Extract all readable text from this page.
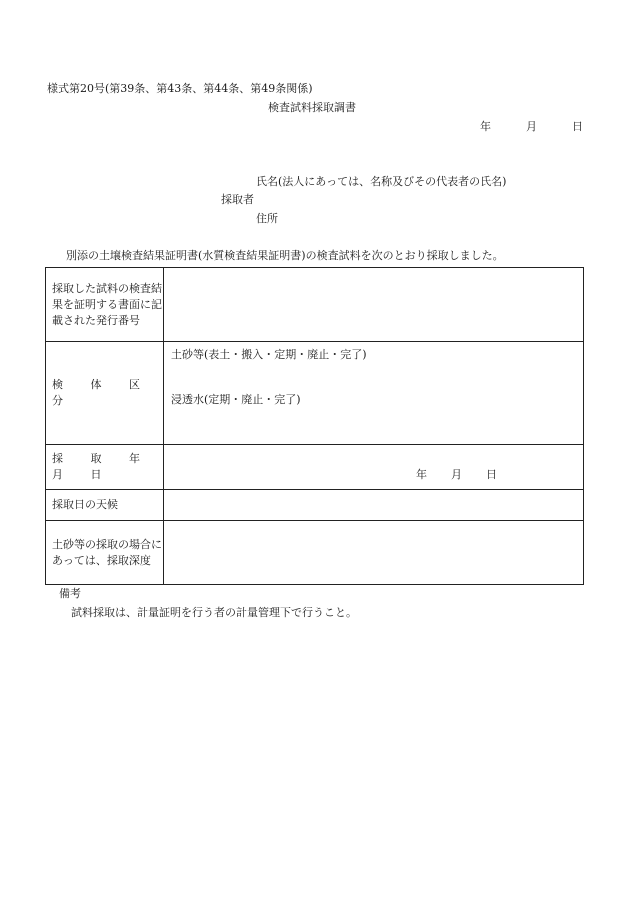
様式第20号(第39条、第43条、第44条、第49条関係)
検査試料採取調書
年	月	日
氏名(法人にあっては、名称及びその代表者の氏名)
採取者
住所
別添の土壌検査結果証明書(水質検査結果証明書)の検査試料を次のとおり採取しました。
採取した試料の検査結果を証明する書面に記載された発行番号	
検 体 区 分	土砂等(表土・搬入・定期・廃止・完了)
浸透水(定期・廃止・完了)

採 取 年 月 日	年 月 日

採取日の天候	
土砂等の採取の場合にあっては、採取深度	
備考
試料採取は、計量証明を行う者の計量管理下で行うこと。
